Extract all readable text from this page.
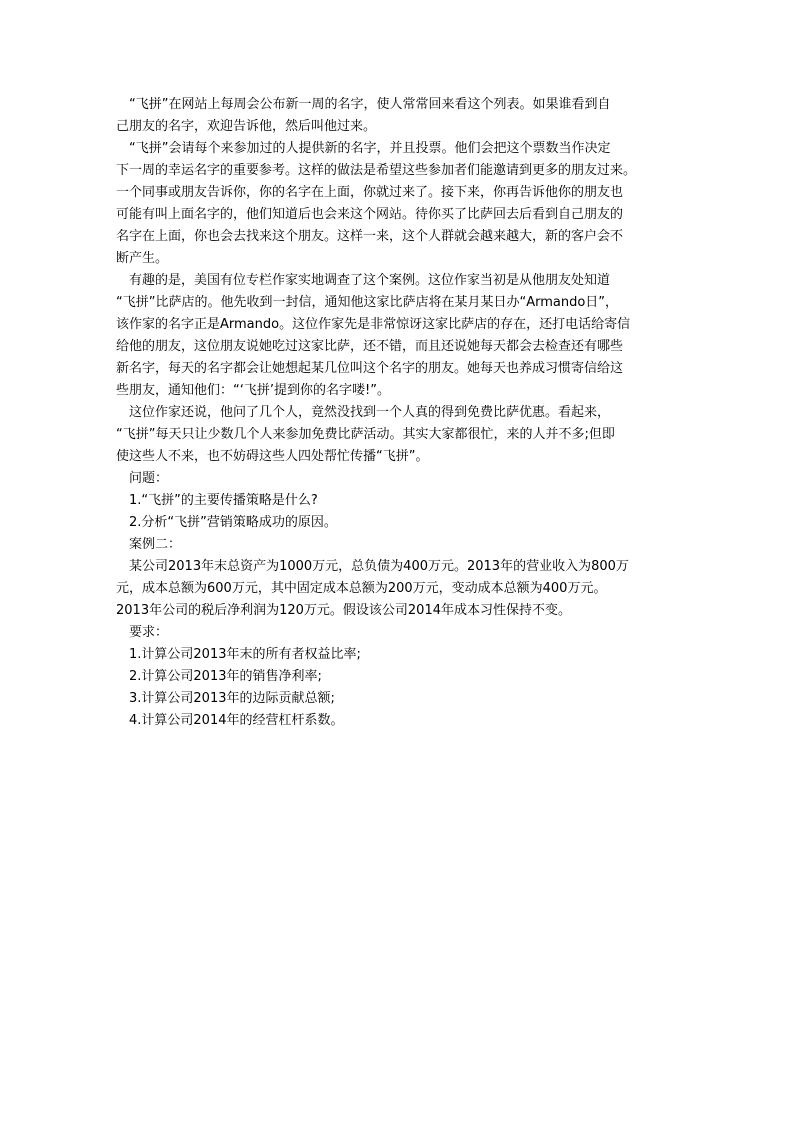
　“飞拼”在网站上每周会公布新一周的名字，使人常常回来看这个列表。如果谁看到自
己朋友的名字，欢迎告诉他，然后叫他过来。
　“飞拼”会请每个来参加过的人提供新的名字，并且投票。他们会把这个票数当作决定
下一周的幸运名字的重要参考。这样的做法是希望这些参加者们能邀请到更多的朋友过来。
一个同事或朋友告诉你，你的名字在上面，你就过来了。接下来，你再告诉他你的朋友也
可能有叫上面名字的，他们知道后也会来这个网站。待你买了比萨回去后看到自己朋友的
名字在上面，你也会去找来这个朋友。这样一来，这个人群就会越来越大，新的客户会不
断产生。
　有趣的是，美国有位专栏作家实地调查了这个案例。这位作家当初是从他朋友处知道
“飞拼”比萨店的。他先收到一封信，通知他这家比萨店将在某月某日办“Armando日”，
该作家的名字正是Armando。这位作家先是非常惊讶这家比萨店的存在，还打电话给寄信
给他的朋友，这位朋友说她吃过这家比萨，还不错，而且还说她每天都会去检查还有哪些
新名字，每天的名字都会让她想起某几位叫这个名字的朋友。她每天也养成习惯寄信给这
些朋友，通知他们：“‘飞拼’提到你的名字喽!”。
　这位作家还说，他问了几个人，竟然没找到一个人真的得到免费比萨优惠。看起来，
“飞拼”每天只让少数几个人来参加免费比萨活动。其实大家都很忙，来的人并不多;但即
使这些人不来，也不妨碍这些人四处帮忙传播“飞拼”。
　问题：
　1.“飞拼”的主要传播策略是什么?
　2.分析“飞拼”营销策略成功的原因。
　案例二：
　某公司2013年末总资产为1000万元，总负债为400万元。2013年的营业收入为800万
元，成本总额为600万元，其中固定成本总额为200万元，变动成本总额为400万元。
2013年公司的税后净利润为120万元。假设该公司2014年成本习性保持不变。
　要求：
　1.计算公司2013年末的所有者权益比率;
　2.计算公司2013年的销售净利率;
　3.计算公司2013年的边际贡献总额;
　4.计算公司2014年的经营杠杆系数。
